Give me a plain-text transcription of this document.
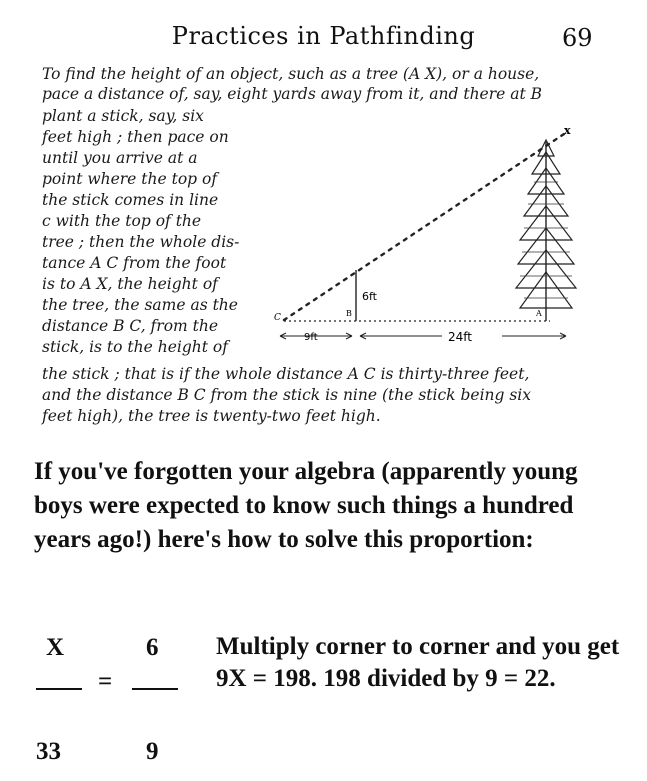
Practices in Pathfinding	69
To find the height of an object, such as a tree (A X), or a house,
pace a distance of, say, eight yards away from it, and there at B
plant a stick, say, six
feet high ; then pace on
until you arrive at a
point where the top of
the stick comes in line
c with the top of the
tree ; then the whole dis-
tance A C from the foot
is to A X, the height of
the tree, the same as the
distance B C, from the
stick, is to the height of
the stick ; that is if the whole distance A C is thirty-three feet,
and the distance B C from the stick is nine (the stick being six
feet high), the tree is twenty-two feet high.
C	B	A
x
6ft
9ft	24ft
If you've forgotten your algebra (apparently young boys were expected to know such things a hundred years ago!) here's how to solve this proportion:
X
33
=
6
9
Multiply corner to corner and you get 9X = 198. 198 divided by 9 = 22.
